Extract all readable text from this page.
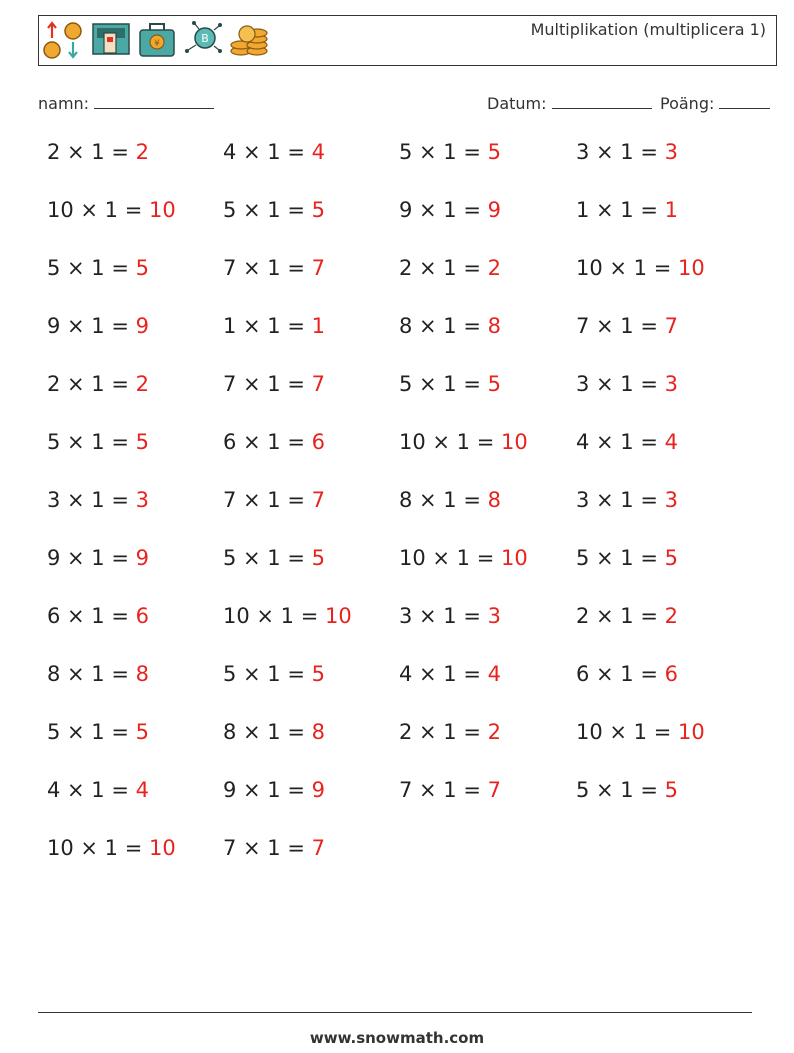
¥	B	Multiplikation (multiplicera 1)
namn:	Datum:	Poäng:
2 × 1 = 2	4 × 1 = 4	5 × 1 = 5	3 × 1 = 3
10 × 1 = 10 5 × 1 = 5	9 × 1 = 9	1 × 1 = 1
5 × 1 = 5	7 × 1 = 7	2 × 1 = 2	10 × 1 = 10
9 × 1 = 9	1 × 1 = 1	8 × 1 = 8	7 × 1 = 7
2 × 1 = 2	7 × 1 = 7	5 × 1 = 5	3 × 1 = 3
5 × 1 = 5	6 × 1 = 6	10 × 1 = 10 4 × 1 = 4
3 × 1 = 3	7 × 1 = 7	8 × 1 = 8	3 × 1 = 3
9 × 1 = 9	5 × 1 = 5	10 × 1 = 10 5 × 1 = 5
6 × 1 = 6	10 × 1 = 10 3 × 1 = 3	2 × 1 = 2
8 × 1 = 8	5 × 1 = 5	4 × 1 = 4	6 × 1 = 6
5 × 1 = 5	8 × 1 = 8	2 × 1 = 2	10 × 1 = 10
4 × 1 = 4	9 × 1 = 9	7 × 1 = 7	5 × 1 = 5
10 × 1 = 10 7 × 1 = 7
www.snowmath.com
